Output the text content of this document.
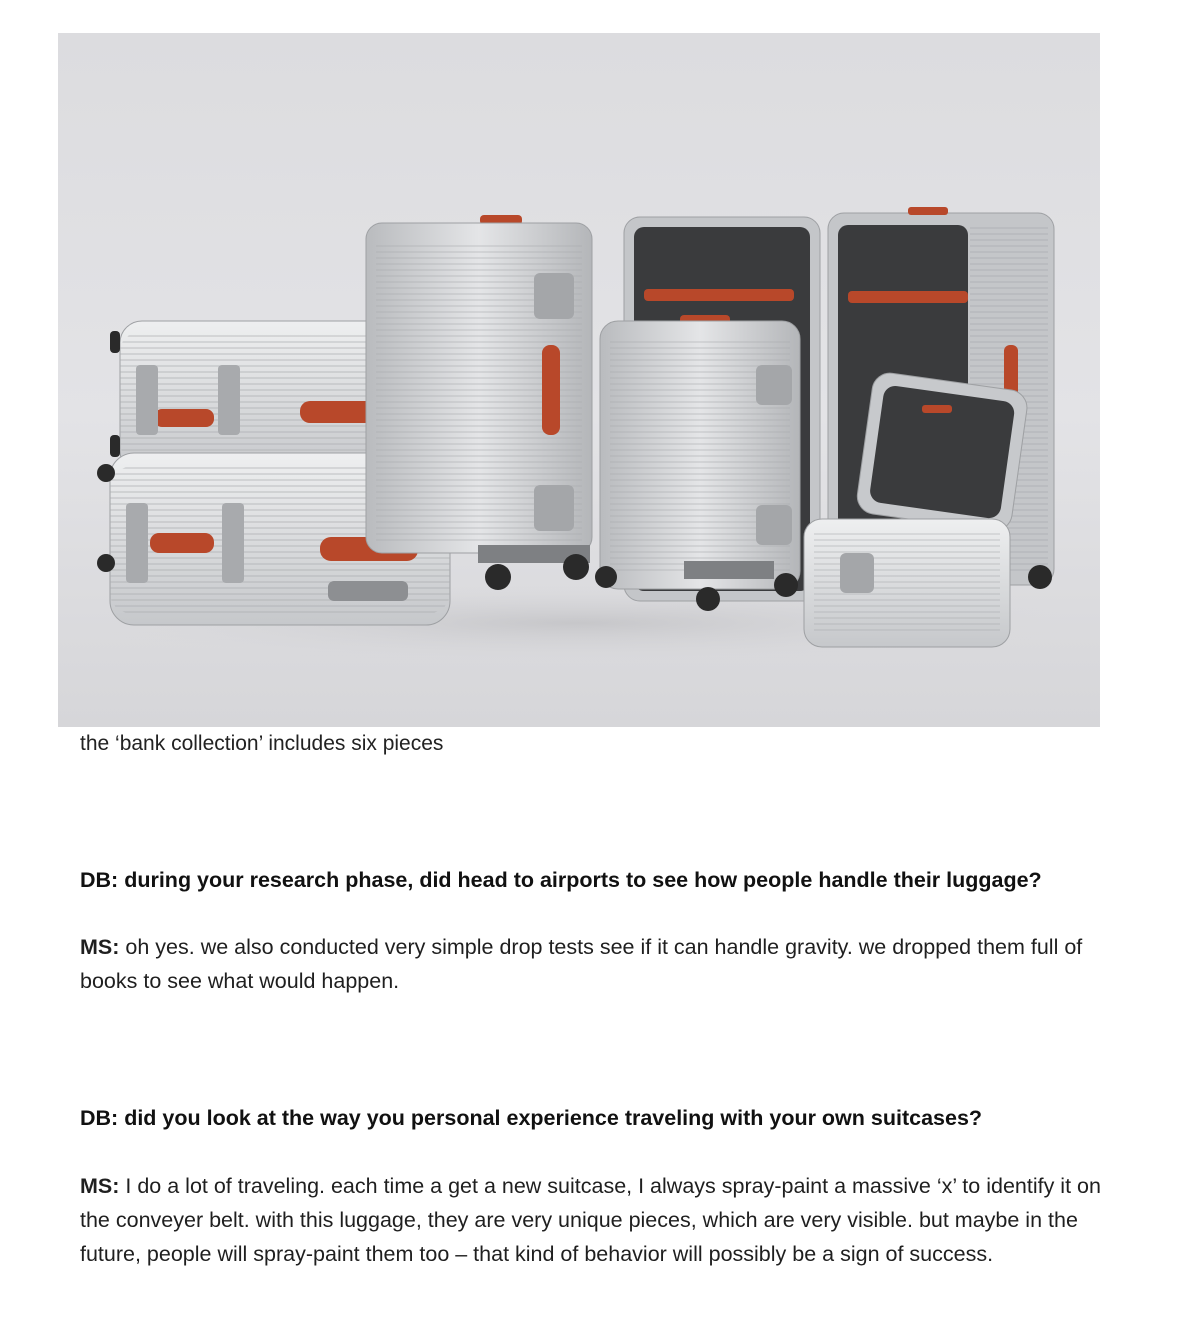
the ‘bank collection’ includes six pieces

DB: during your research phase, did head to airports to see how people handle their luggage?

MS: oh yes. we also conducted very simple drop tests see if it can handle gravity. we dropped them full of books to see what would happen.

DB: did you look at the way you personal experience traveling with your own suitcases?

MS: I do a lot of traveling. each time a get a new suitcase, I always spray-paint a massive ‘x’ to identify it on the conveyer belt. with this luggage, they are very unique pieces, which are very visible. but maybe in the future, people will spray-paint them too – that kind of behavior will possibly be a sign of success.
